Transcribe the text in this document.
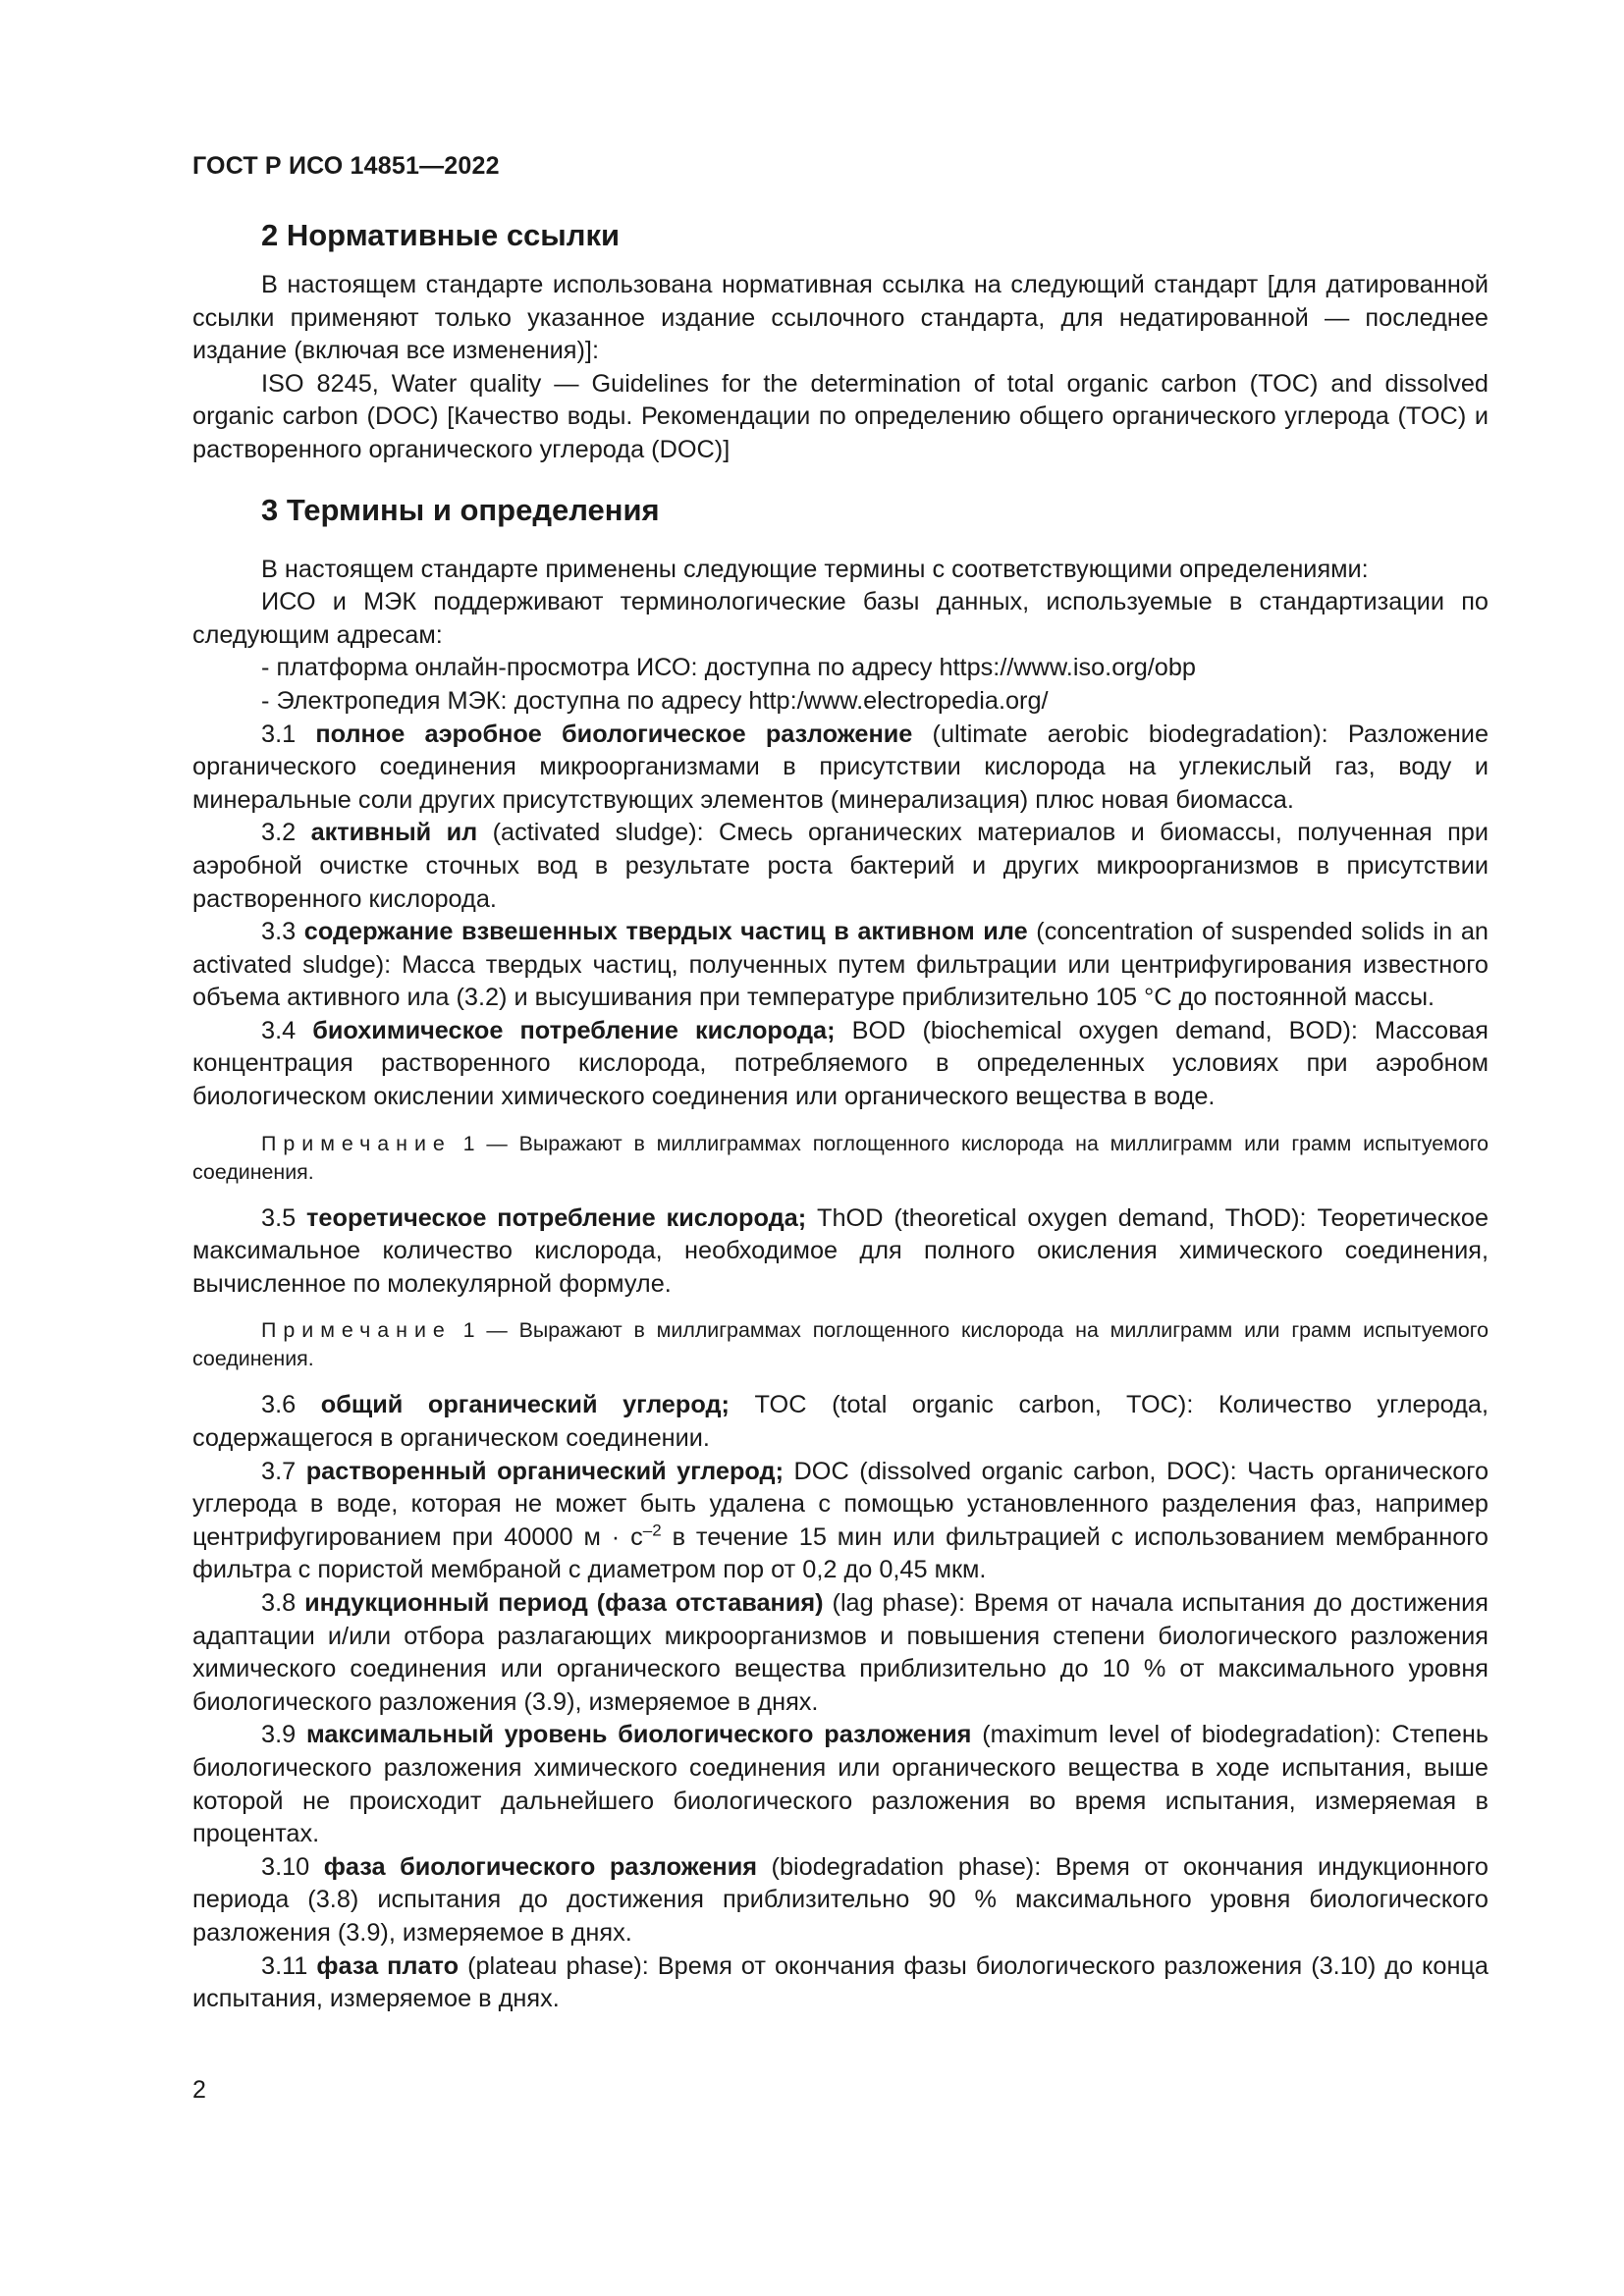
ГОСТ Р ИСО 14851—2022
2 Нормативные ссылки

В настоящем стандарте использована нормативная ссылка на следующий стандарт [для датированной ссылки применяют только указанное издание ссылочного стандарта, для недатированной — последнее издание (включая все изменения)]:

ISO 8245, Water quality — Guidelines for the determination of total organic carbon (TOC) and dissolved organic carbon (DOC) [Качество воды. Рекомендации по определению общего органического углерода (TOC) и растворенного органического углерода (DOC)]

3 Термины и определения

В настоящем стандарте применены следующие термины с соответствующими определениями:

ИСО и МЭК поддерживают терминологические базы данных, используемые в стандартизации по следующим адресам:

- платформа онлайн-просмотра ИСО: доступна по адресу https://www.iso.org/obp

- Электропедия МЭК: доступна по адресу http:/www.electropedia.org/

3.1 полное аэробное биологическое разложение (ultimate aerobic biodegradation): Разложение органического соединения микроорганизмами в присутствии кислорода на углекислый газ, воду и минеральные соли других присутствующих элементов (минерализация) плюс новая биомасса.

3.2 активный ил (activated sludge): Смесь органических материалов и биомассы, полученная при аэробной очистке сточных вод в результате роста бактерий и других микроорганизмов в присутствии растворенного кислорода.

3.3 содержание взвешенных твердых частиц в активном иле (concentration of suspended solids in an activated sludge): Масса твердых частиц, полученных путем фильтрации или центрифугирования известного объема активного ила (3.2) и высушивания при температуре приблизительно 105 °С до постоянной массы.

3.4 биохимическое потребление кислорода; BOD (biochemical oxygen demand, BOD): Массовая концентрация растворенного кислорода, потребляемого в определенных условиях при аэробном биологическом окислении химического соединения или органического вещества в воде.

Примечание 1 — Выражают в миллиграммах поглощенного кислорода на миллиграмм или грамм испытуемого соединения.

3.5 теоретическое потребление кислорода; ThOD (theoretical oxygen demand, ThOD): Теоретическое максимальное количество кислорода, необходимое для полного окисления химического соединения, вычисленное по молекулярной формуле.

Примечание 1 — Выражают в миллиграммах поглощенного кислорода на миллиграмм или грамм испытуемого соединения.

3.6 общий органический углерод; TOC (total organic carbon, TOC): Количество углерода, содержащегося в органическом соединении.

3.7 растворенный органический углерод; DOC (dissolved organic carbon, DOC): Часть органического углерода в воде, которая не может быть удалена с помощью установленного разделения фаз, например центрифугированием при 40000 $м \cdot с^{-2}$ в течение 15 мин или фильтрацией с использованием мембранного фильтра с пористой мембраной с диаметром пор от 0,2 до 0,45 мкм.

3.8 индукционный период (фаза отставания) (lag phase): Время от начала испытания до достижения адаптации и/или отбора разлагающих микроорганизмов и повышения степени биологического разложения химического соединения или органического вещества приблизительно до 10 % от максимального уровня биологического разложения (3.9), измеряемое в днях.

3.9 максимальный уровень биологического разложения (maximum level of biodegradation): Степень биологического разложения химического соединения или органического вещества в ходе испытания, выше которой не происходит дальнейшего биологического разложения во время испытания, измеряемая в процентах.

3.10 фаза биологического разложения (biodegradation phase): Время от окончания индукционного периода (3.8) испытания до достижения приблизительно 90 % максимального уровня биологического разложения (3.9), измеряемое в днях.

3.11 фаза плато (plateau phase): Время от окончания фазы биологического разложения (3.10) до конца испытания, измеряемое в днях.

2
